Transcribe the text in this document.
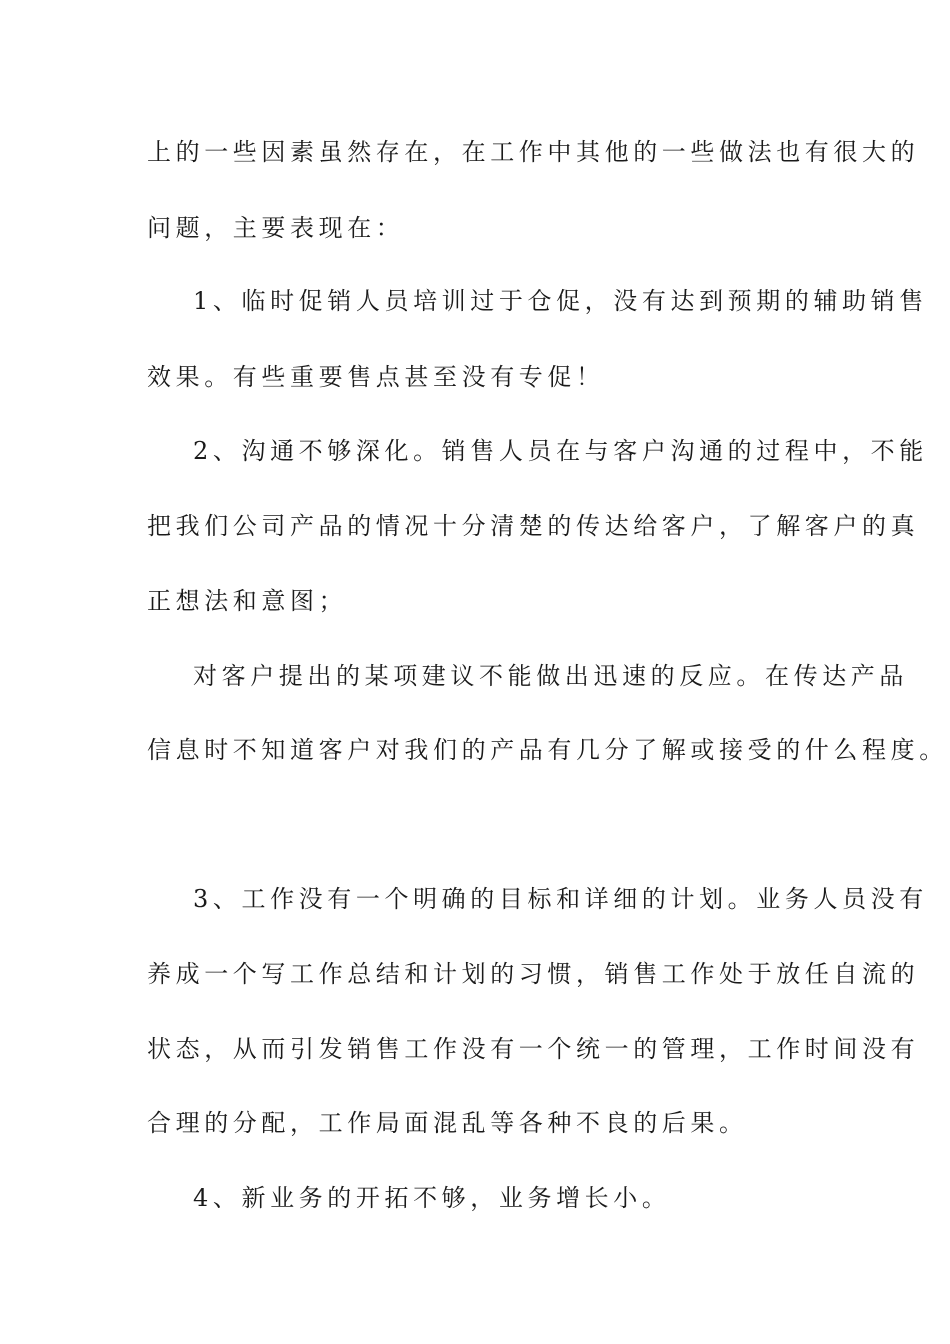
上的一些因素虽然存在，在工作中其他的一些做法也有很大的
问题，主要表现在：
1、临时促销人员培训过于仓促，没有达到预期的辅助销售
效果。有些重要售点甚至没有专促！
2、沟通不够深化。销售人员在与客户沟通的过程中，不能
把我们公司产品的情况十分清楚的传达给客户，了解客户的真
正想法和意图；
对客户提出的某项建议不能做出迅速的反应。在传达产品
信息时不知道客户对我们的产品有几分了解或接受的什么程度。
3、工作没有一个明确的目标和详细的计划。业务人员没有
养成一个写工作总结和计划的习惯，销售工作处于放任自流的
状态，从而引发销售工作没有一个统一的管理，工作时间没有
合理的分配，工作局面混乱等各种不良的后果。
4、新业务的开拓不够，业务增长小。
